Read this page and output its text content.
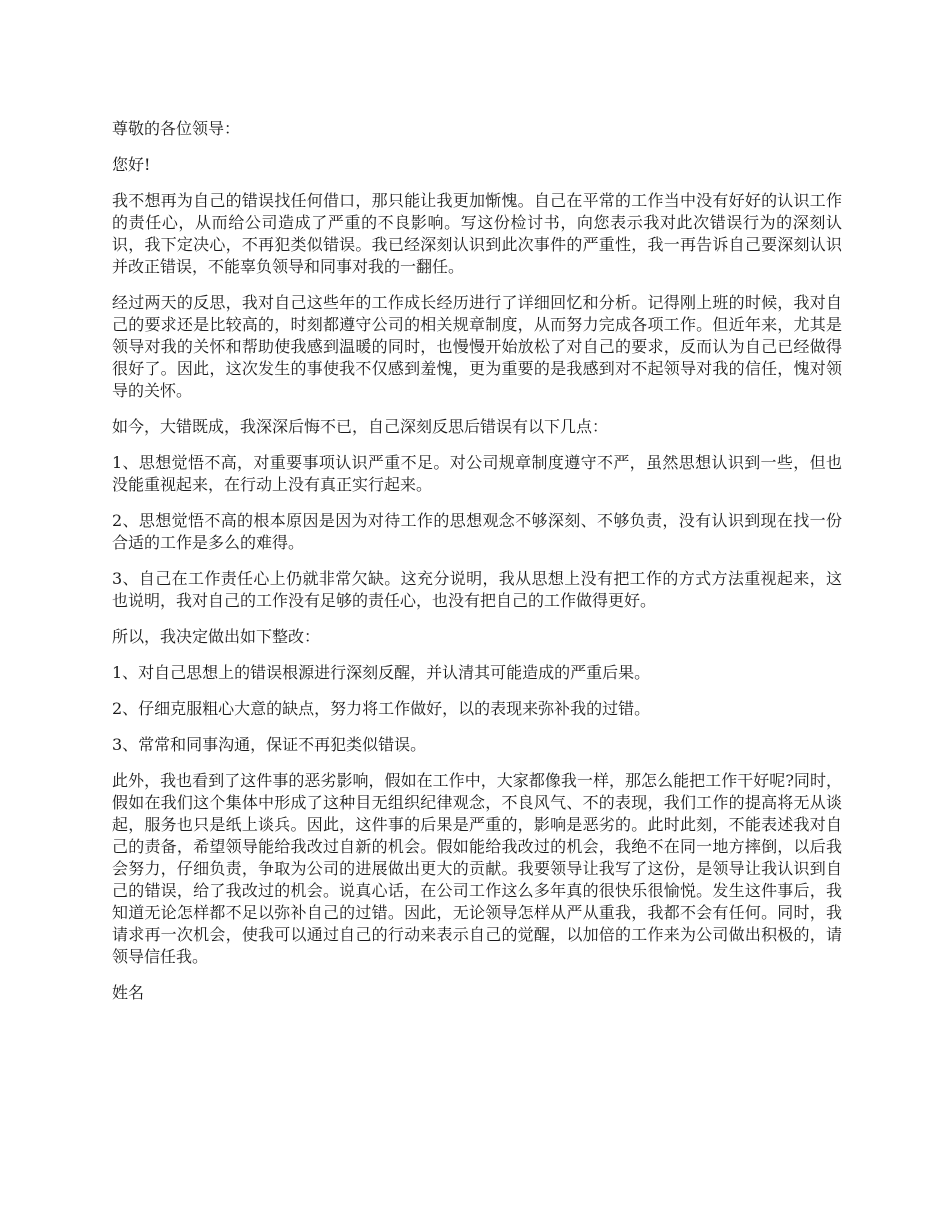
尊敬的各位领导：

您好!

我不想再为自己的错误找任何借口，那只能让我更加惭愧。自己在平常的工作当中没有好好的认识工作的责任心，从而给公司造成了严重的不良影响。写这份检讨书，向您表示我对此次错误行为的深刻认识，我下定决心，不再犯类似错误。我已经深刻认识到此次事件的严重性，我一再告诉自己要深刻认识并改正错误，不能辜负领导和同事对我的一翻任。

经过两天的反思，我对自己这些年的工作成长经历进行了详细回忆和分析。记得刚上班的时候，我对自己的要求还是比较高的，时刻都遵守公司的相关规章制度，从而努力完成各项工作。但近年来，尤其是领导对我的关怀和帮助使我感到温暖的同时，也慢慢开始放松了对自己的要求，反而认为自己已经做得很好了。因此，这次发生的事使我不仅感到羞愧，更为重要的是我感到对不起领导对我的信任，愧对领导的关怀。

如今，大错既成，我深深后悔不已，自己深刻反思后错误有以下几点：

1、思想觉悟不高，对重要事项认识严重不足。对公司规章制度遵守不严，虽然思想认识到一些，但也没能重视起来，在行动上没有真正实行起来。

2、思想觉悟不高的根本原因是因为对待工作的思想观念不够深刻、不够负责，没有认识到现在找一份合适的工作是多么的难得。

3、自己在工作责任心上仍就非常欠缺。这充分说明，我从思想上没有把工作的方式方法重视起来，这也说明，我对自己的工作没有足够的责任心，也没有把自己的工作做得更好。

所以，我决定做出如下整改：

1、对自己思想上的错误根源进行深刻反醒，并认清其可能造成的严重后果。

2、仔细克服粗心大意的缺点，努力将工作做好，以的表现来弥补我的过错。

3、常常和同事沟通，保证不再犯类似错误。

此外，我也看到了这件事的恶劣影响，假如在工作中，大家都像我一样，那怎么能把工作干好呢?同时，假如在我们这个集体中形成了这种目无组织纪律观念，不良风气、不的表现，我们工作的提高将无从谈起，服务也只是纸上谈兵。因此，这件事的后果是严重的，影响是恶劣的。此时此刻，不能表述我对自己的责备，希望领导能给我改过自新的机会。假如能给我改过的机会，我绝不在同一地方摔倒，以后我会努力，仔细负责，争取为公司的进展做出更大的贡献。我要领导让我写了这份，是领导让我认识到自己的错误，给了我改过的机会。说真心话，在公司工作这么多年真的很快乐很愉悦。发生这件事后，我知道无论怎样都不足以弥补自己的过错。因此，无论领导怎样从严从重我，我都不会有任何。同时，我请求再一次机会，使我可以通过自己的行动来表示自己的觉醒，以加倍的工作来为公司做出积极的，请领导信任我。

姓名
